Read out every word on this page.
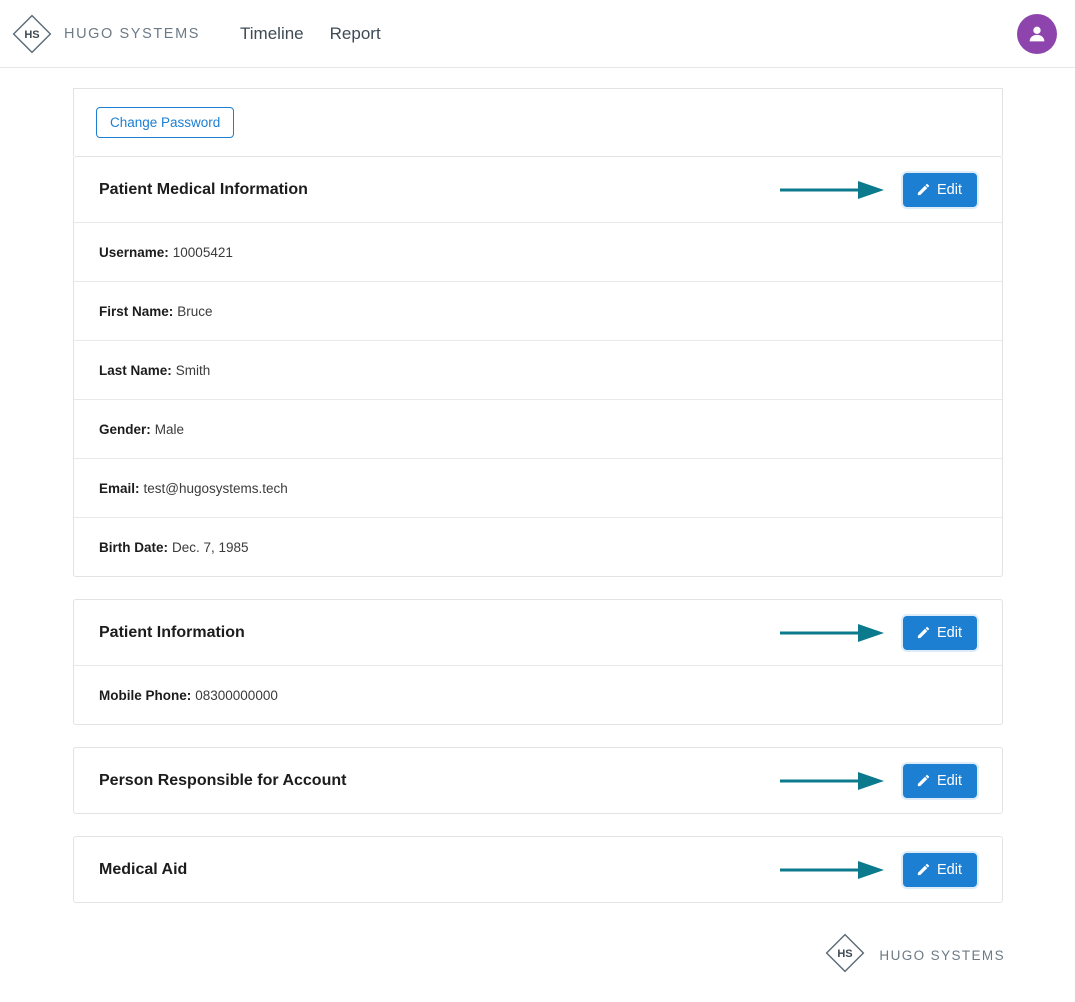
HS HUGO SYSTEMS Timeline Report
Change Password
Patient Medical Information	Edit
Username: 10005421
First Name: Bruce
Last Name: Smith
Gender: Male
Email: test@hugosystems.tech
Birth Date: Dec. 7, 1985
Patient Information	Edit
Mobile Phone: 08300000000
Person Responsible for Account	Edit
Medical Aid	Edit
HS HUGO SYSTEMS
